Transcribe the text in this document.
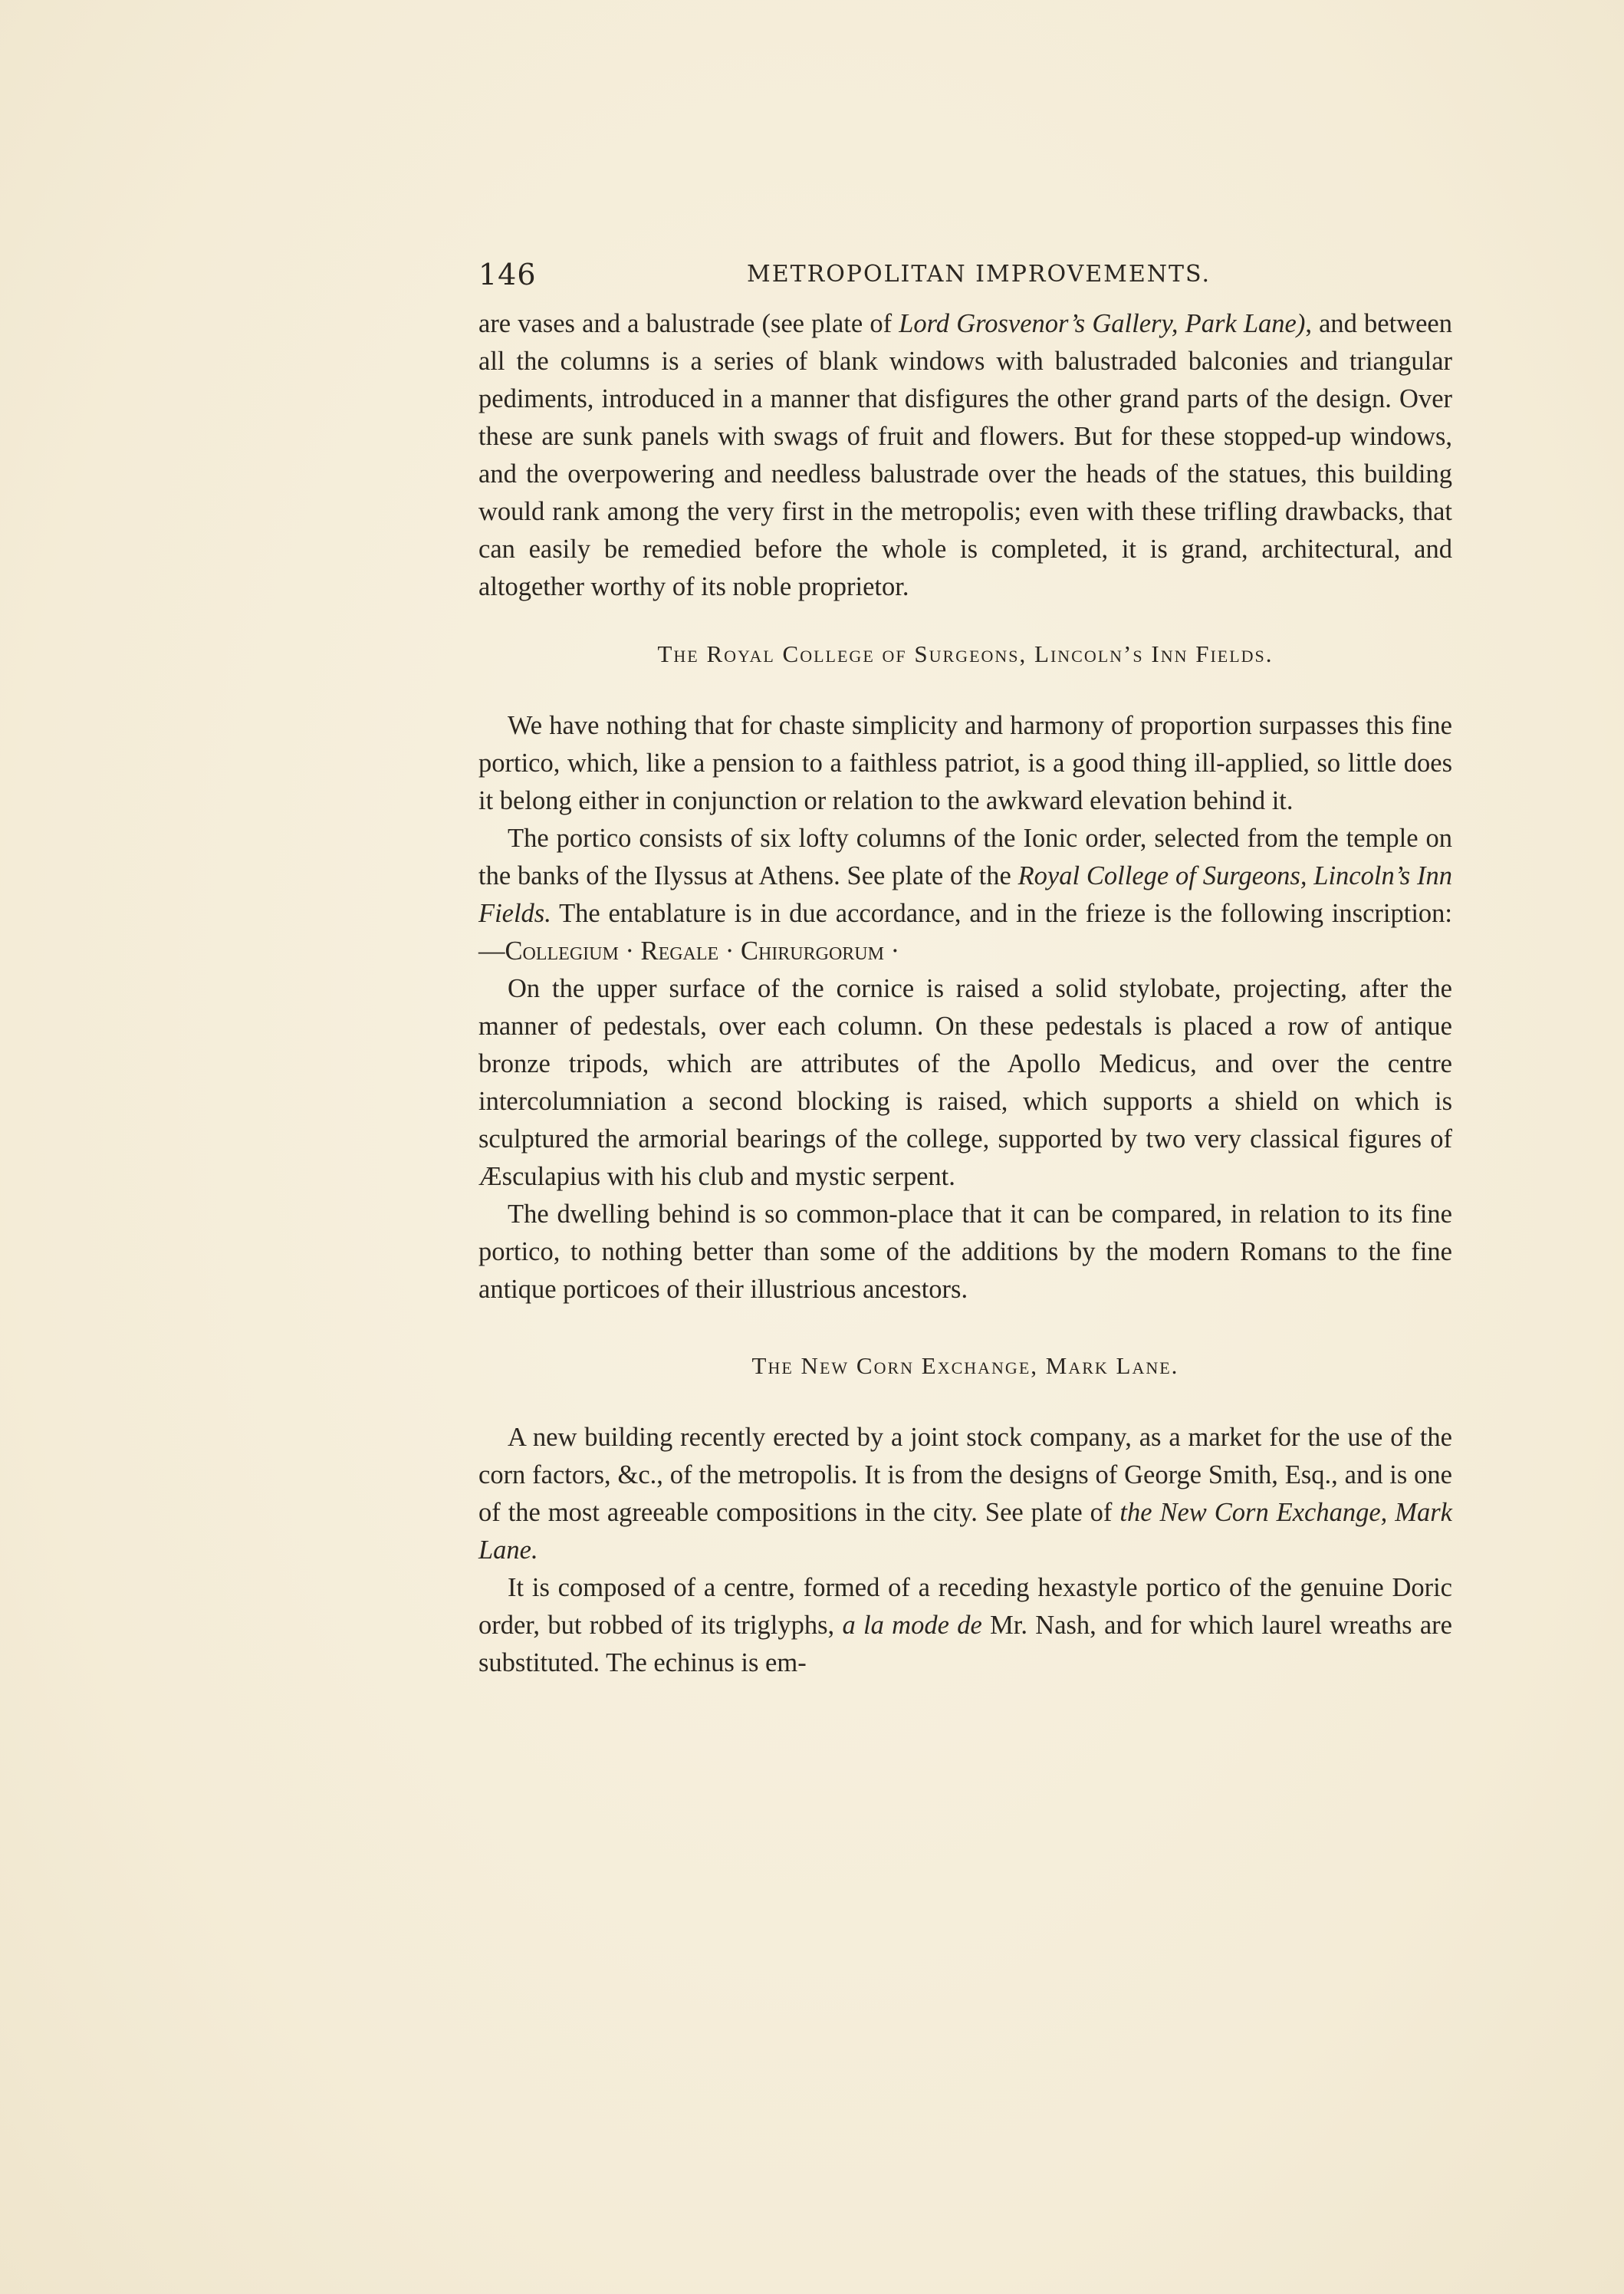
146	METROPOLITAN IMPROVEMENTS.

are vases and a balustrade (see plate of Lord Grosvenor’s Gallery, Park Lane), and between all the columns is a series of blank windows with balustraded balconies and triangular pediments, introduced in a manner that disfigures the other grand parts of the design. Over these are sunk panels with swags of fruit and flowers. But for these stopped-up windows, and the overpowering and needless balustrade over the heads of the statues, this building would rank among the very first in the metropolis; even with these trifling drawbacks, that can easily be remedied before the whole is completed, it is grand, architectural, and altogether worthy of its noble proprietor.

The Royal College of Surgeons, Lincoln’s Inn Fields.

We have nothing that for chaste simplicity and harmony of proportion surpasses this fine portico, which, like a pension to a faithless patriot, is a good thing ill-applied, so little does it belong either in conjunction or relation to the awkward elevation behind it.

The portico consists of six lofty columns of the Ionic order, selected from the temple on the banks of the Ilyssus at Athens. See plate of the Royal College of Surgeons, Lincoln’s Inn Fields. The entablature is in due accordance, and in the frieze is the following inscription:—Collegium · Regale · Chirurgorum ·

On the upper surface of the cornice is raised a solid stylobate, projecting, after the manner of pedestals, over each column. On these pedestals is placed a row of antique bronze tripods, which are attributes of the Apollo Medicus, and over the centre intercolumniation a second blocking is raised, which supports a shield on which is sculptured the armorial bearings of the college, supported by two very classical figures of Æsculapius with his club and mystic serpent.

The dwelling behind is so common-place that it can be compared, in relation to its fine portico, to nothing better than some of the additions by the modern Romans to the fine antique porticoes of their illustrious ancestors.

The New Corn Exchange, Mark Lane.

A new building recently erected by a joint stock company, as a market for the use of the corn factors, &c., of the metropolis. It is from the designs of George Smith, Esq., and is one of the most agreeable compositions in the city. See plate of the New Corn Exchange, Mark Lane.

It is composed of a centre, formed of a receding hexastyle portico of the genuine Doric order, but robbed of its triglyphs, a la mode de Mr. Nash, and for which laurel wreaths are substituted. The echinus is em-
